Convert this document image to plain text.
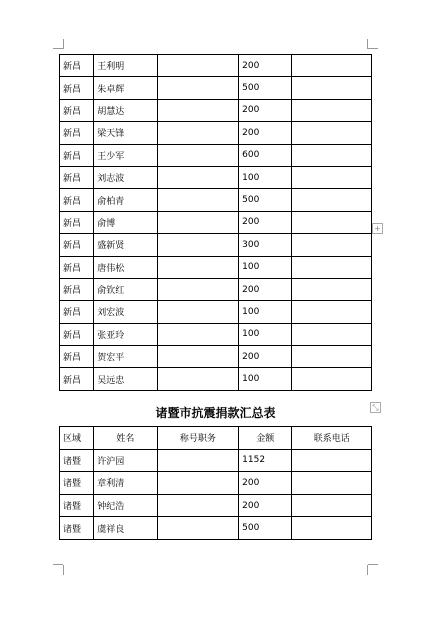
新昌	王利明		200	
新昌	朱卓辉		500	
新昌	胡慧达		200	
新昌	梁天锋		200	
新昌	王少军		600	
新昌	刘志波		100	
新昌	俞柏青		500	
新昌	俞博		200	
新昌	盛新贤		300	
新昌	唐伟松		100	
新昌	俞钦红		200	
新昌	刘宏波		100	
新昌	张亚玲		100	
新昌	贺宏平		200	
新昌	吴远忠		100	
+
⤡
诸暨市抗震捐款汇总表
区域	姓名	称号职务	金额	联系电话
诸暨	许沪园		1152	
诸暨	章利清		200	
诸暨	钟纪浩		200	
诸暨	虞祥良		500	
